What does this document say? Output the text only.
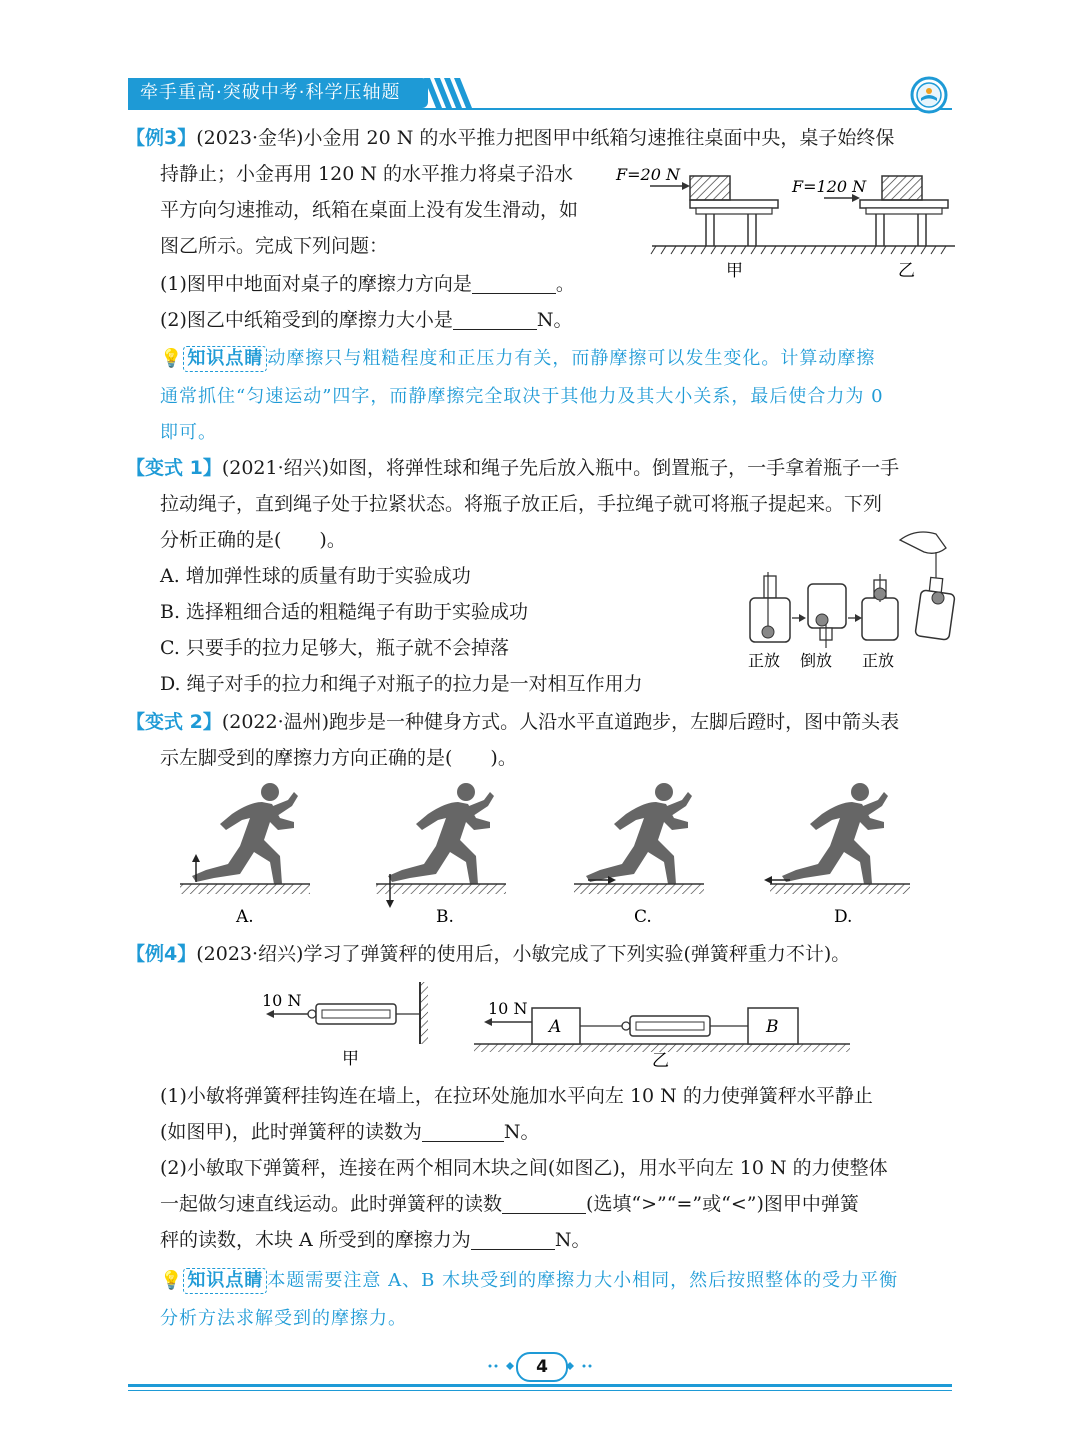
牵手重高·突破中考·科学压轴题
【例3】(2023·金华)小金用 20 N 的水平推力把图甲中纸箱匀速推往桌面中央，桌子始终保
持静止；小金再用 120 N 的水平推力将桌子沿水
平方向匀速推动，纸箱在桌面上没有发生滑动，如
图乙所示。完成下列问题：
(1)图甲中地面对桌子的摩擦力方向是	。
(2)图乙中纸箱受到的摩擦力大小是	N。
F=20 N
甲
F=120 N
乙
💡 知识点睛 动摩擦只与粗糙程度和正压力有关，而静摩擦可以发生变化。计算动摩擦
通常抓住“匀速运动”四字，而静摩擦完全取决于其他力及其大小关系，最后使合力为 0
即可。
【变式 1】(2021·绍兴)如图，将弹性球和绳子先后放入瓶中。倒置瓶子，一手拿着瓶子一手
拉动绳子，直到绳子处于拉紧状态。将瓶子放正后，手拉绳子就可将瓶子提起来。下列
分析正确的是(　　)。
A. 增加弹性球的质量有助于实验成功
B. 选择粗细合适的粗糙绳子有助于实验成功
C. 只要手的拉力足够大，瓶子就不会掉落
D. 绳子对手的拉力和绳子对瓶子的拉力是一对相互作用力
正放 倒放 正放
【变式 2】(2022·温州)跑步是一种健身方式。人沿水平直道跑步，左脚后蹬时，图中箭头表
示左脚受到的摩擦力方向正确的是(　　)。
A.	B.	C.	D.
【例4】(2023·绍兴)学习了弹簧秤的使用后，小敏完成了下列实验(弹簧秤重力不计)。
10 N
甲
A	B
10 N
乙
(1)小敏将弹簧秤挂钩连在墙上，在拉环处施加水平向左 10 N 的力使弹簧秤水平静止
(如图甲)，此时弹簧秤的读数为	N。
(2)小敏取下弹簧秤，连接在两个相同木块之间(如图乙)，用水平向左 10 N 的力使整体
一起做匀速直线运动。此时弹簧秤的读数	(选填“>”“=”或“<”)图甲中弹簧
秤的读数，木块 A 所受到的摩擦力为	N。
💡 知识点睛 本题需要注意 A、B 木块受到的摩擦力大小相同，然后按照整体的受力平衡
分析方法求解受到的摩擦力。
4
